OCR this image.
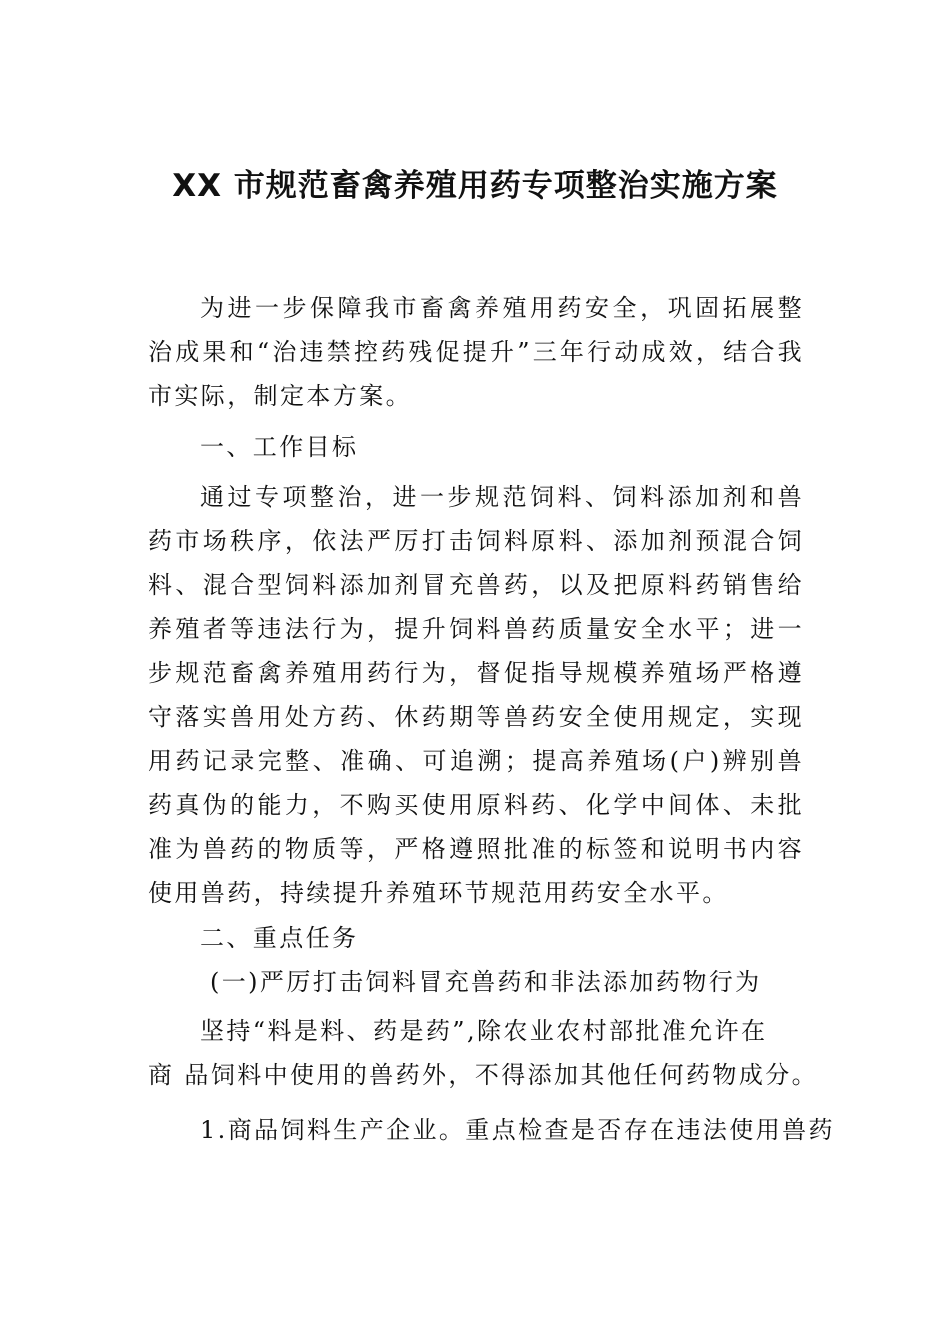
XX 市规范畜禽养殖用药专项整治实施方案

为进一步保障我市畜禽养殖用药安全，巩固拓展整治成果和“治违禁控药残促提升”三年行动成效，结合我市实际，制定本方案。

一、工作目标

通过专项整治，进一步规范饲料、饲料添加剂和兽药市场秩序，依法严厉打击饲料原料、添加剂预混合饲料、混合型饲料添加剂冒充兽药，以及把原料药销售给养殖者等违法行为，提升饲料兽药质量安全水平；进一步规范畜禽养殖用药行为，督促指导规模养殖场严格遵守落实兽用处方药、休药期等兽药安全使用规定，实现用药记录完整、准确、可追溯；提高养殖场(户)辨别兽药真伪的能力，不购买使用原料药、化学中间体、未批准为兽药的物质等，严格遵照批准的标签和说明书内容使用兽药，持续提升养殖环节规范用药安全水平。

二、重点任务
(一)严厉打击饲料冒充兽药和非法添加药物行为
坚持“料是料、药是药”,除农业农村部批准允许在
商 品饲料中使用的兽药外，不得添加其他任何药物成分。
1.商品饲料生产企业。重点检查是否存在违法使用兽药
